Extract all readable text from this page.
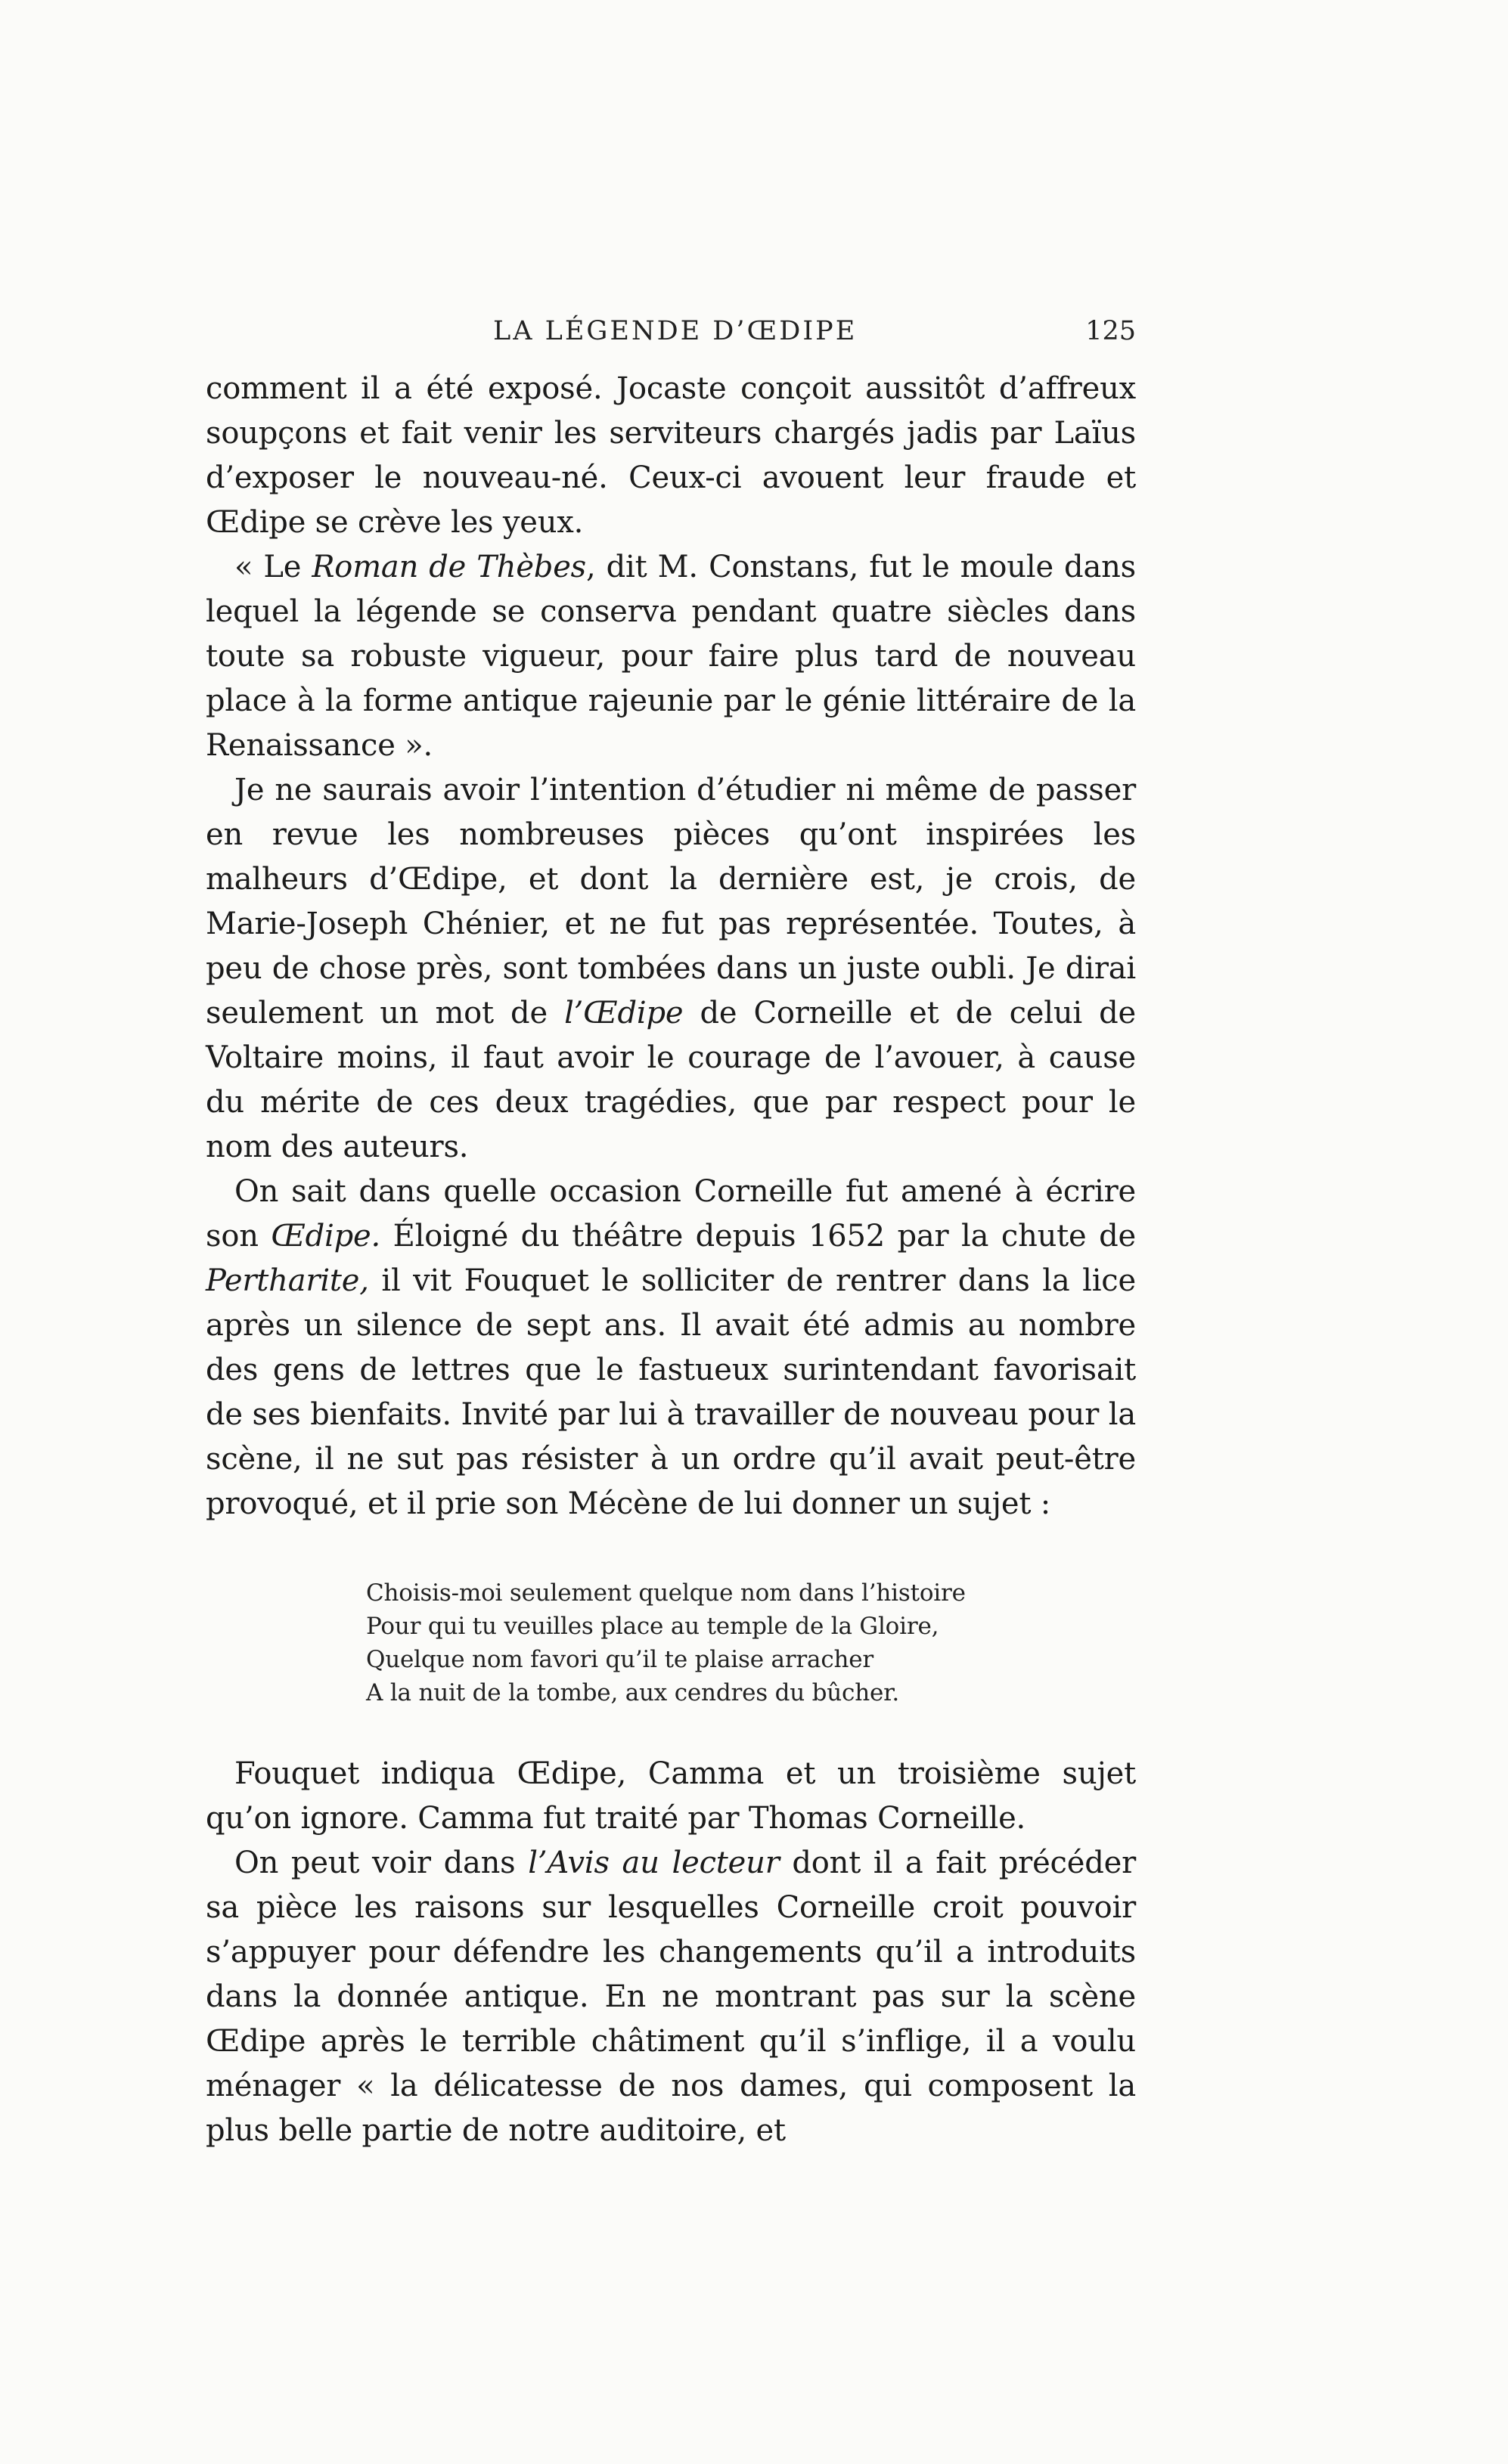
LA LÉGENDE D’ŒDIPE	125

comment il a été exposé. Jocaste conçoit aussitôt d’affreux soupçons et fait venir les serviteurs chargés jadis par Laïus d’exposer le nouveau-né. Ceux-ci avouent leur fraude et Œdipe se crève les yeux.

« Le Roman de Thèbes, dit M. Constans, fut le moule dans lequel la légende se conserva pendant quatre siècles dans toute sa robuste vigueur, pour faire plus tard de nouveau place à la forme antique rajeunie par le génie littéraire de la Renaissance ».

Je ne saurais avoir l’intention d’étudier ni même de passer en revue les nombreuses pièces qu’ont inspirées les malheurs d’Œdipe, et dont la dernière est, je crois, de Marie-Joseph Chénier, et ne fut pas représentée. Toutes, à peu de chose près, sont tombées dans un juste oubli. Je dirai seulement un mot de l’Œdipe de Corneille et de celui de Voltaire moins, il faut avoir le courage de l’avouer, à cause du mérite de ces deux tragédies, que par respect pour le nom des auteurs.

On sait dans quelle occasion Corneille fut amené à écrire son Œdipe. Éloigné du théâtre depuis 1652 par la chute de Pertharite, il vit Fouquet le solliciter de rentrer dans la lice après un silence de sept ans. Il avait été admis au nombre des gens de lettres que le fastueux surintendant favorisait de ses bienfaits. Invité par lui à travailler de nouveau pour la scène, il ne sut pas résister à un ordre qu’il avait peut-être provoqué, et il prie son Mécène de lui donner un sujet :

Choisis-moi seulement quelque nom dans l’histoire
Pour qui tu veuilles place au temple de la Gloire,
Quelque nom favori qu’il te plaise arracher
A la nuit de la tombe, aux cendres du bûcher.

Fouquet indiqua Œdipe, Camma et un troisième sujet qu’on ignore. Camma fut traité par Thomas Corneille.

On peut voir dans l’Avis au lecteur dont il a fait précéder sa pièce les raisons sur lesquelles Corneille croit pouvoir s’appuyer pour défendre les changements qu’il a introduits dans la donnée antique. En ne montrant pas sur la scène Œdipe après le terrible châtiment qu’il s’inflige, il a voulu ménager « la délicatesse de nos dames, qui composent la plus belle partie de notre auditoire, et
